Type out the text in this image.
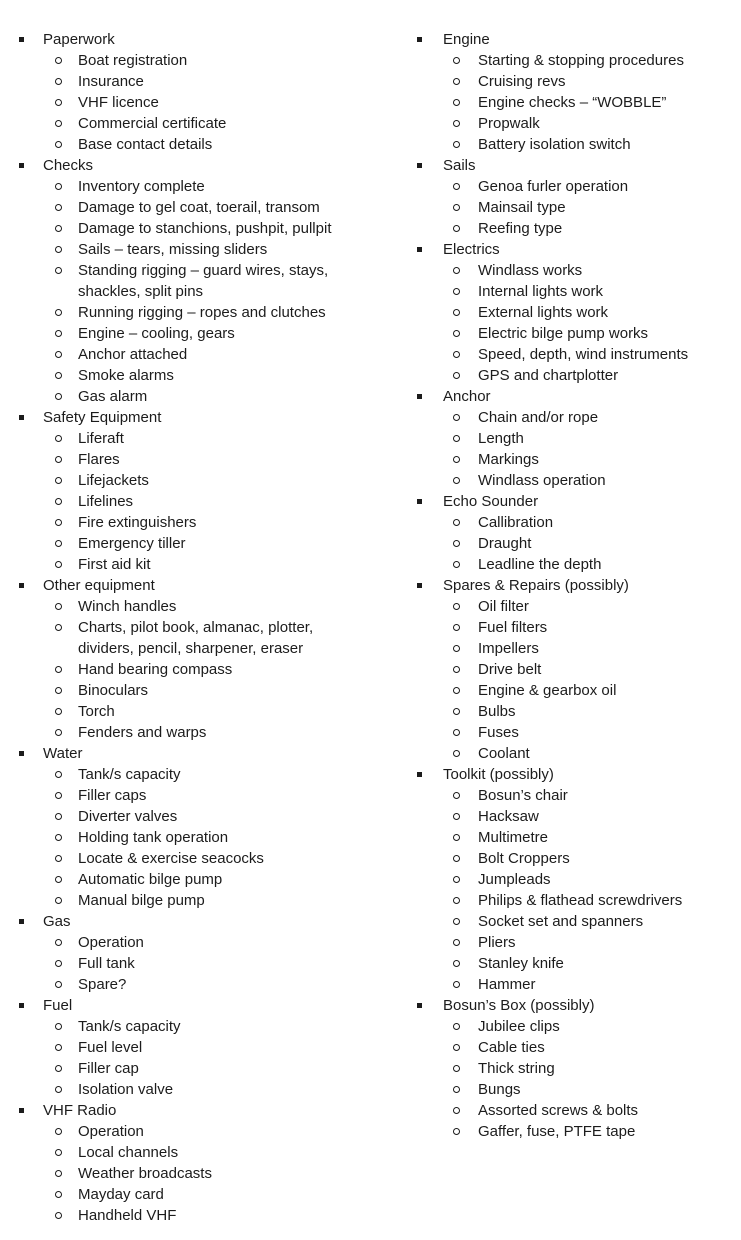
Paperwork
Boat registration
Insurance
VHF licence
Commercial certificate
Base contact details
Checks
Inventory complete
Damage to gel coat, toerail, transom
Damage to stanchions, pushpit, pullpit
Sails – tears, missing sliders
Standing rigging – guard wires, stays, shackles, split pins
Running rigging – ropes and clutches
Engine – cooling, gears
Anchor attached
Smoke alarms
Gas alarm
Safety Equipment
Liferaft
Flares
Lifejackets
Lifelines
Fire extinguishers
Emergency tiller
First aid kit
Other equipment
Winch handles
Charts, pilot book, almanac, plotter, dividers, pencil, sharpener, eraser
Hand bearing compass
Binoculars
Torch
Fenders and warps
Water
Tank/s capacity
Filler caps
Diverter valves
Holding tank operation
Locate & exercise seacocks
Automatic bilge pump
Manual bilge pump
Gas
Operation
Full tank
Spare?
Fuel
Tank/s capacity
Fuel level
Filler cap
Isolation valve
VHF Radio
Operation
Local channels
Weather broadcasts
Mayday card
Handheld VHF
Engine
Starting & stopping procedures
Cruising revs
Engine checks – “WOBBLE”
Propwalk
Battery isolation switch
Sails
Genoa furler operation
Mainsail type
Reefing type
Electrics
Windlass works
Internal lights work
External lights work
Electric bilge pump works
Speed, depth, wind instruments
GPS and chartplotter
Anchor
Chain and/or rope
Length
Markings
Windlass operation
Echo Sounder
Callibration
Draught
Leadline the depth
Spares & Repairs (possibly)
Oil filter
Fuel filters
Impellers
Drive belt
Engine & gearbox oil
Bulbs
Fuses
Coolant
Toolkit (possibly)
Bosun’s chair
Hacksaw
Multimetre
Bolt Croppers
Jumpleads
Philips & flathead screwdrivers
Socket set and spanners
Pliers
Stanley knife
Hammer
Bosun’s Box (possibly)
Jubilee clips
Cable ties
Thick string
Bungs
Assorted screws & bolts
Gaffer, fuse, PTFE tape
